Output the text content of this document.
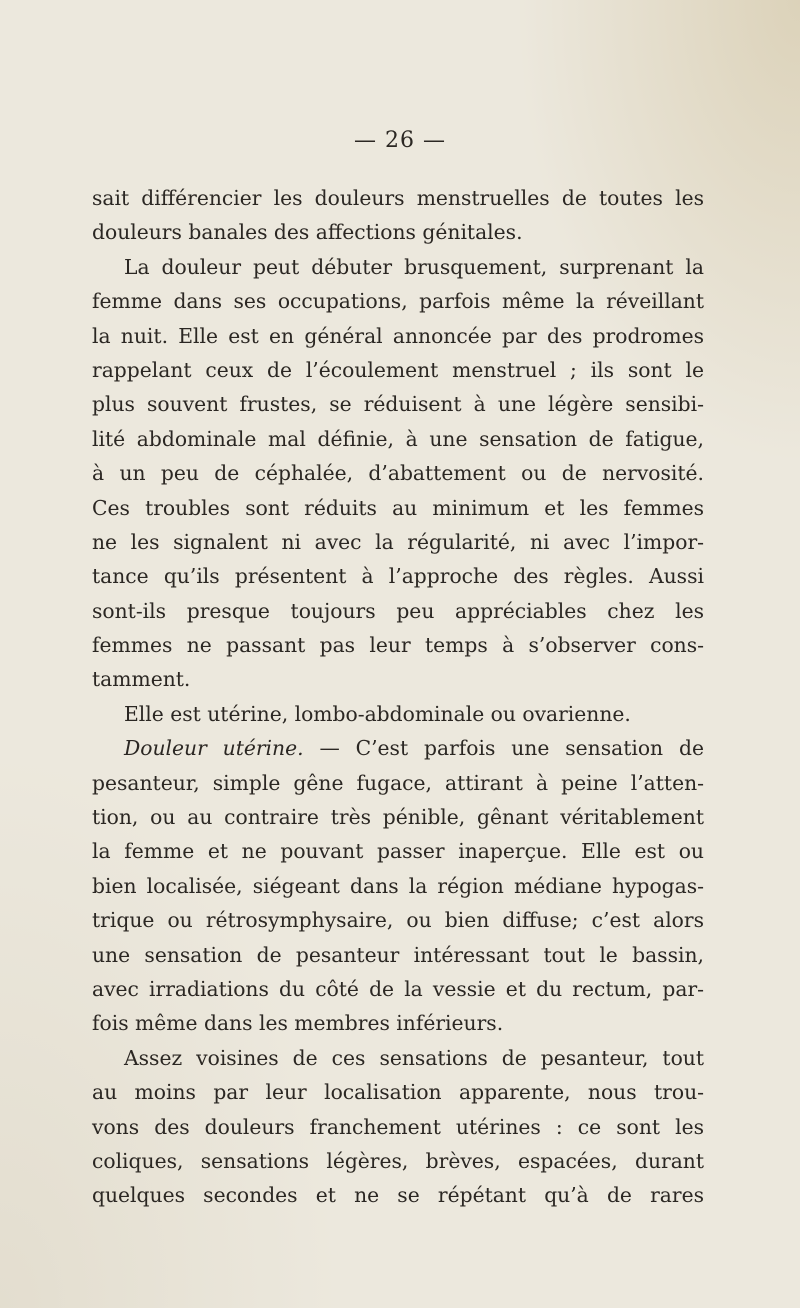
— 26 —
sait différencier les douleurs menstruelles de toutes les
douleurs banales des affections génitales.
La douleur peut débuter brusquement, surprenant la
femme dans ses occupations, parfois même la réveillant
la nuit. Elle est en général annoncée par des prodromes
rappelant ceux de l’écoulement menstruel ; ils sont le
plus souvent frustes, se réduisent à une légère sensibi-
lité abdominale mal définie, à une sensation de fatigue,
à un peu de céphalée, d’abattement ou de nervosité.
Ces troubles sont réduits au minimum et les femmes
ne les signalent ni avec la régularité, ni avec l’impor-
tance qu’ils présentent à l’approche des règles. Aussi
sont-ils presque toujours peu appréciables chez les
femmes ne passant pas leur temps à s’observer cons-
tamment.
Elle est utérine, lombo-abdominale ou ovarienne.
Douleur utérine. — C’est parfois une sensation de
pesanteur, simple gêne fugace, attirant à peine l’atten-
tion, ou au contraire très pénible, gênant véritablement
la femme et ne pouvant passer inaperçue. Elle est ou
bien localisée, siégeant dans la région médiane hypogas-
trique ou rétrosymphysaire, ou bien diffuse; c’est alors
une sensation de pesanteur intéressant tout le bassin,
avec irradiations du côté de la vessie et du rectum, par-
fois même dans les membres inférieurs.
Assez voisines de ces sensations de pesanteur, tout
au moins par leur localisation apparente, nous trou-
vons des douleurs franchement utérines : ce sont les
coliques, sensations légères, brèves, espacées, durant
quelques secondes et ne se répétant qu’à de rares
